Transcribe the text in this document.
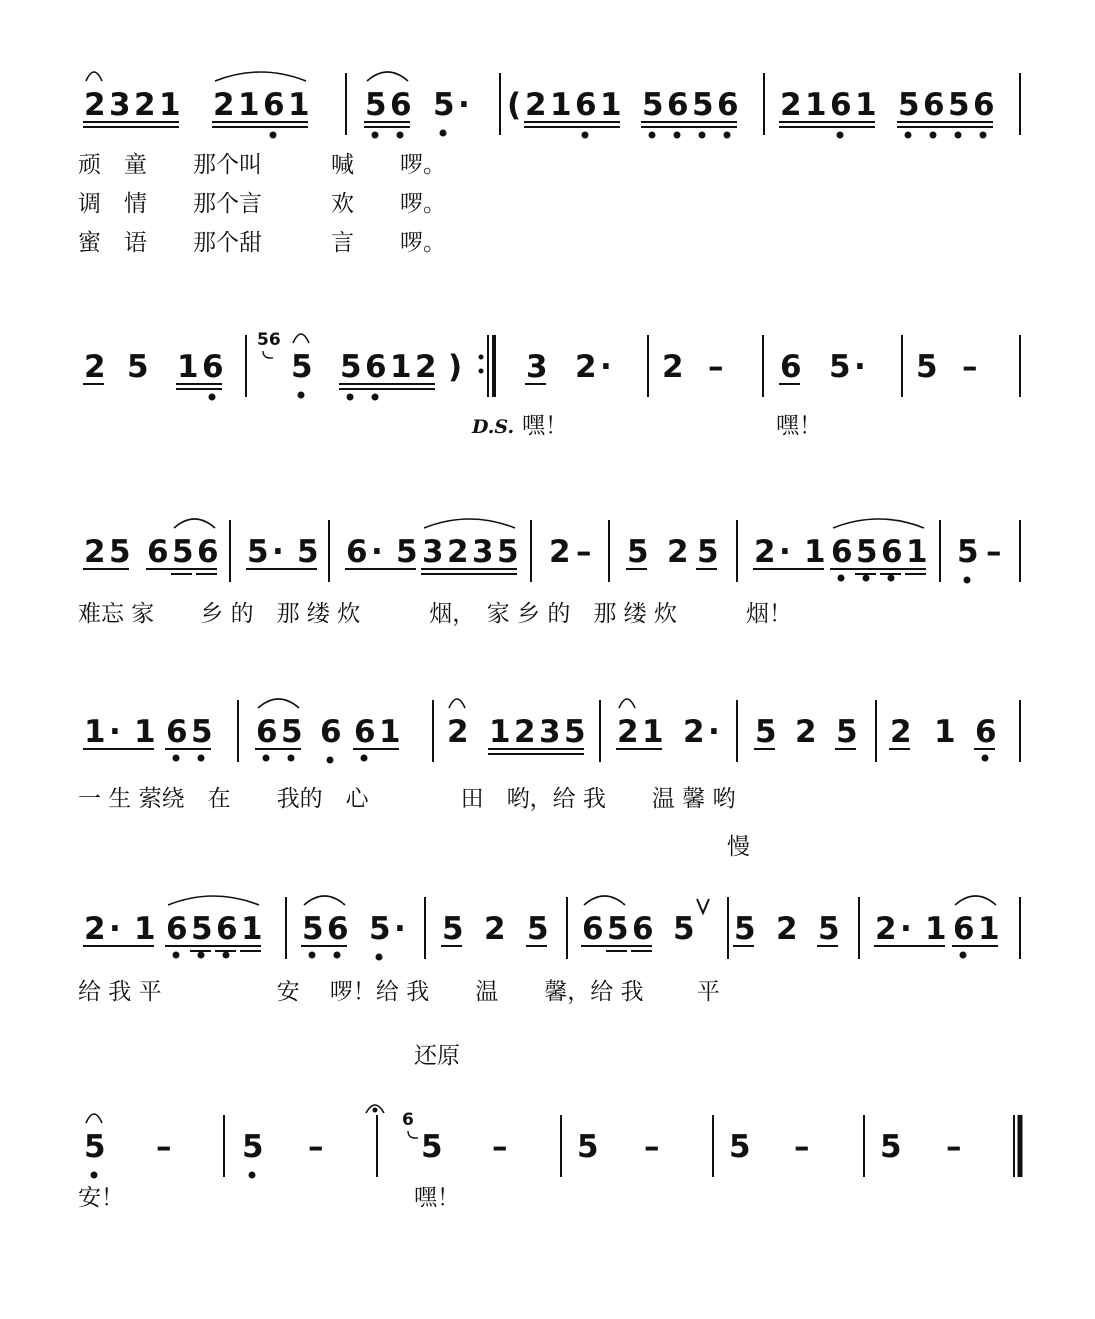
2 3 2 1 2 1 6 1 5 6 5 · ( 2 1 6 1 5 6 5 6 2 1 6 1 5 6 5 6
顽　童　　那个叫　　　喊　　啰。
调　情　　那个言　　　欢　　啰。
蜜　语　　那个甜　　　言　　啰。
2 5 1 6 5 5 6 1 2 ) 3 2 · 2 – 6 5 · 5 –
56
D.S. 嘿！	嘿！
2 5 6 5 6 5 · 5 6 · 5 3 2 3 5 2 – 5 2 5 2 · 1 6 5 6 1 5 –
难忘 家　　乡 的　那 缕 炊　　　烟，　家 乡 的　那 缕 炊　　　烟！
1 · 1 6 5 6 5 6 6 1 2 1 2 3 5 2 1 2 · 5 2 5 2 1 6
一 生 萦绕　在　　我的　心　　　　田　哟，给 我　　温 馨 哟
慢
2 · 1 6 5 6 1 5 6 5 · 5 2 5 6 5 6 5 5 2 5 2 · 1 6 1
给 我 平　　　　　安　 啰！给 我　　温　　馨，给 我　　 平
还原
5 – 5 –	5 – 5 – 5 – 5 –
6
安！	嘿！
